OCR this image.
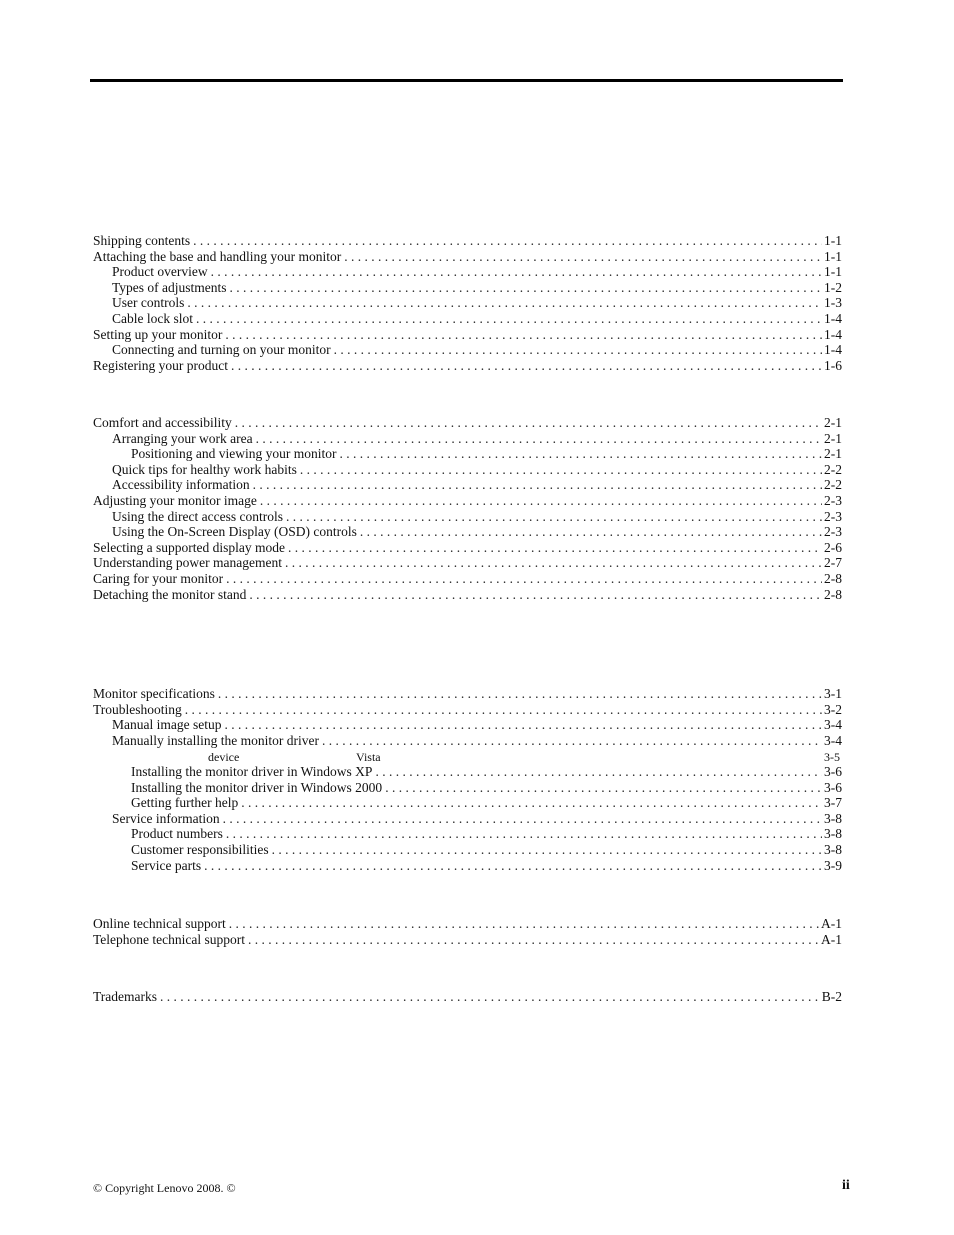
Shipping contents . . .	1-1
Attaching the base and handling your monitor . . .	1-1
Product overview . . .	1-1
Types of adjustments . . .	1-2
User controls . . .	1-3
Cable lock slot . . .	1-4
Setting up your monitor . . .	1-4
Connecting and turning on your monitor . . .	1-4
Registering your product . . .	1-6
Comfort and accessibility . . .	2-1
Arranging your work area . . .	2-1
Positioning and viewing your monitor . . .	2-1
Quick tips for healthy work habits . . .	2-2
Accessibility information . . .	2-2
Adjusting your monitor image . . .	2-3
Using the direct access controls . . .	2-3
Using the On-Screen Display (OSD) controls . . .	2-3
Selecting a supported display mode . . .	2-6
Understanding power management . . .	2-7
Caring for your monitor . . .	2-8
Detaching the monitor stand . . .	2-8
Monitor specifications . . .	3-1
Troubleshooting . . .	3-2
Manual image setup . . .	3-4
Manually installing the monitor driver . . .	3-4
device	Vista	3-5
Installing the monitor driver in Windows XP . . .	3-6
Installing the monitor driver in Windows 2000 . . .	3-6
Getting further help . . .	3-7
Service information . . .	3-8
Product numbers . . .	3-8
Customer responsibilities . . .	3-8
Service parts . . .	3-9
Online technical support . . .	A-1
Telephone technical support . . .	A-1
Trademarks . . .	B-2
© Copyright Lenovo 2008. ©	ii
